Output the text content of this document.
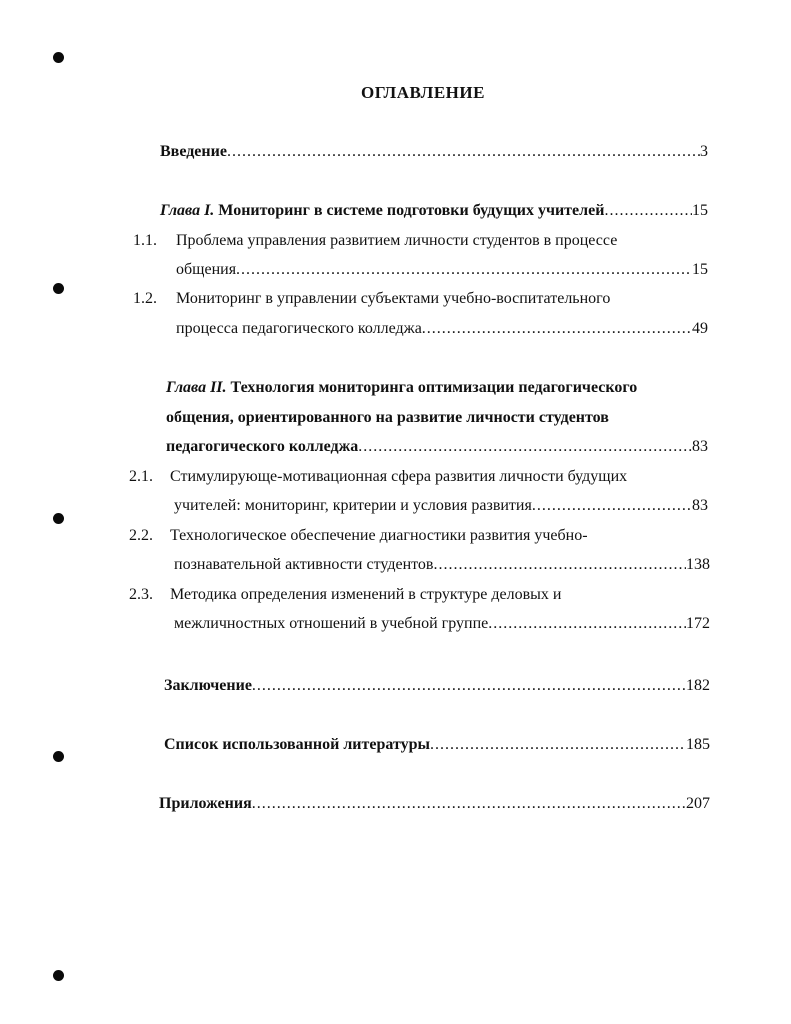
ОГЛАВЛЕНИЕ
Введение .....	3
Глава I. Мониторинг в системе подготовки будущих учителей .....	15
1.1. Проблема управления развитием личности студентов в процессе
общения .....	15
1.2. Мониторинг в управлении субъектами учебно-воспитательного
процесса педагогического колледжа .....	49
Глава II. Технология мониторинга оптимизации педагогического
общения, ориентированного на развитие личности студентов
педагогического колледжа .....	83
2.1. Стимулирующе-мотивационная сфера развития личности будущих
учителей: мониторинг, критерии и условия развития .....	83
2.2. Технологическое обеспечение диагностики развития учебно-
познавательной активности студентов .....	138
2.3. Методика определения изменений в структуре деловых и
межличностных отношений в учебной группе .....	172
Заключение .....	182
Список использованной литературы .....	185
Приложения .....	207
